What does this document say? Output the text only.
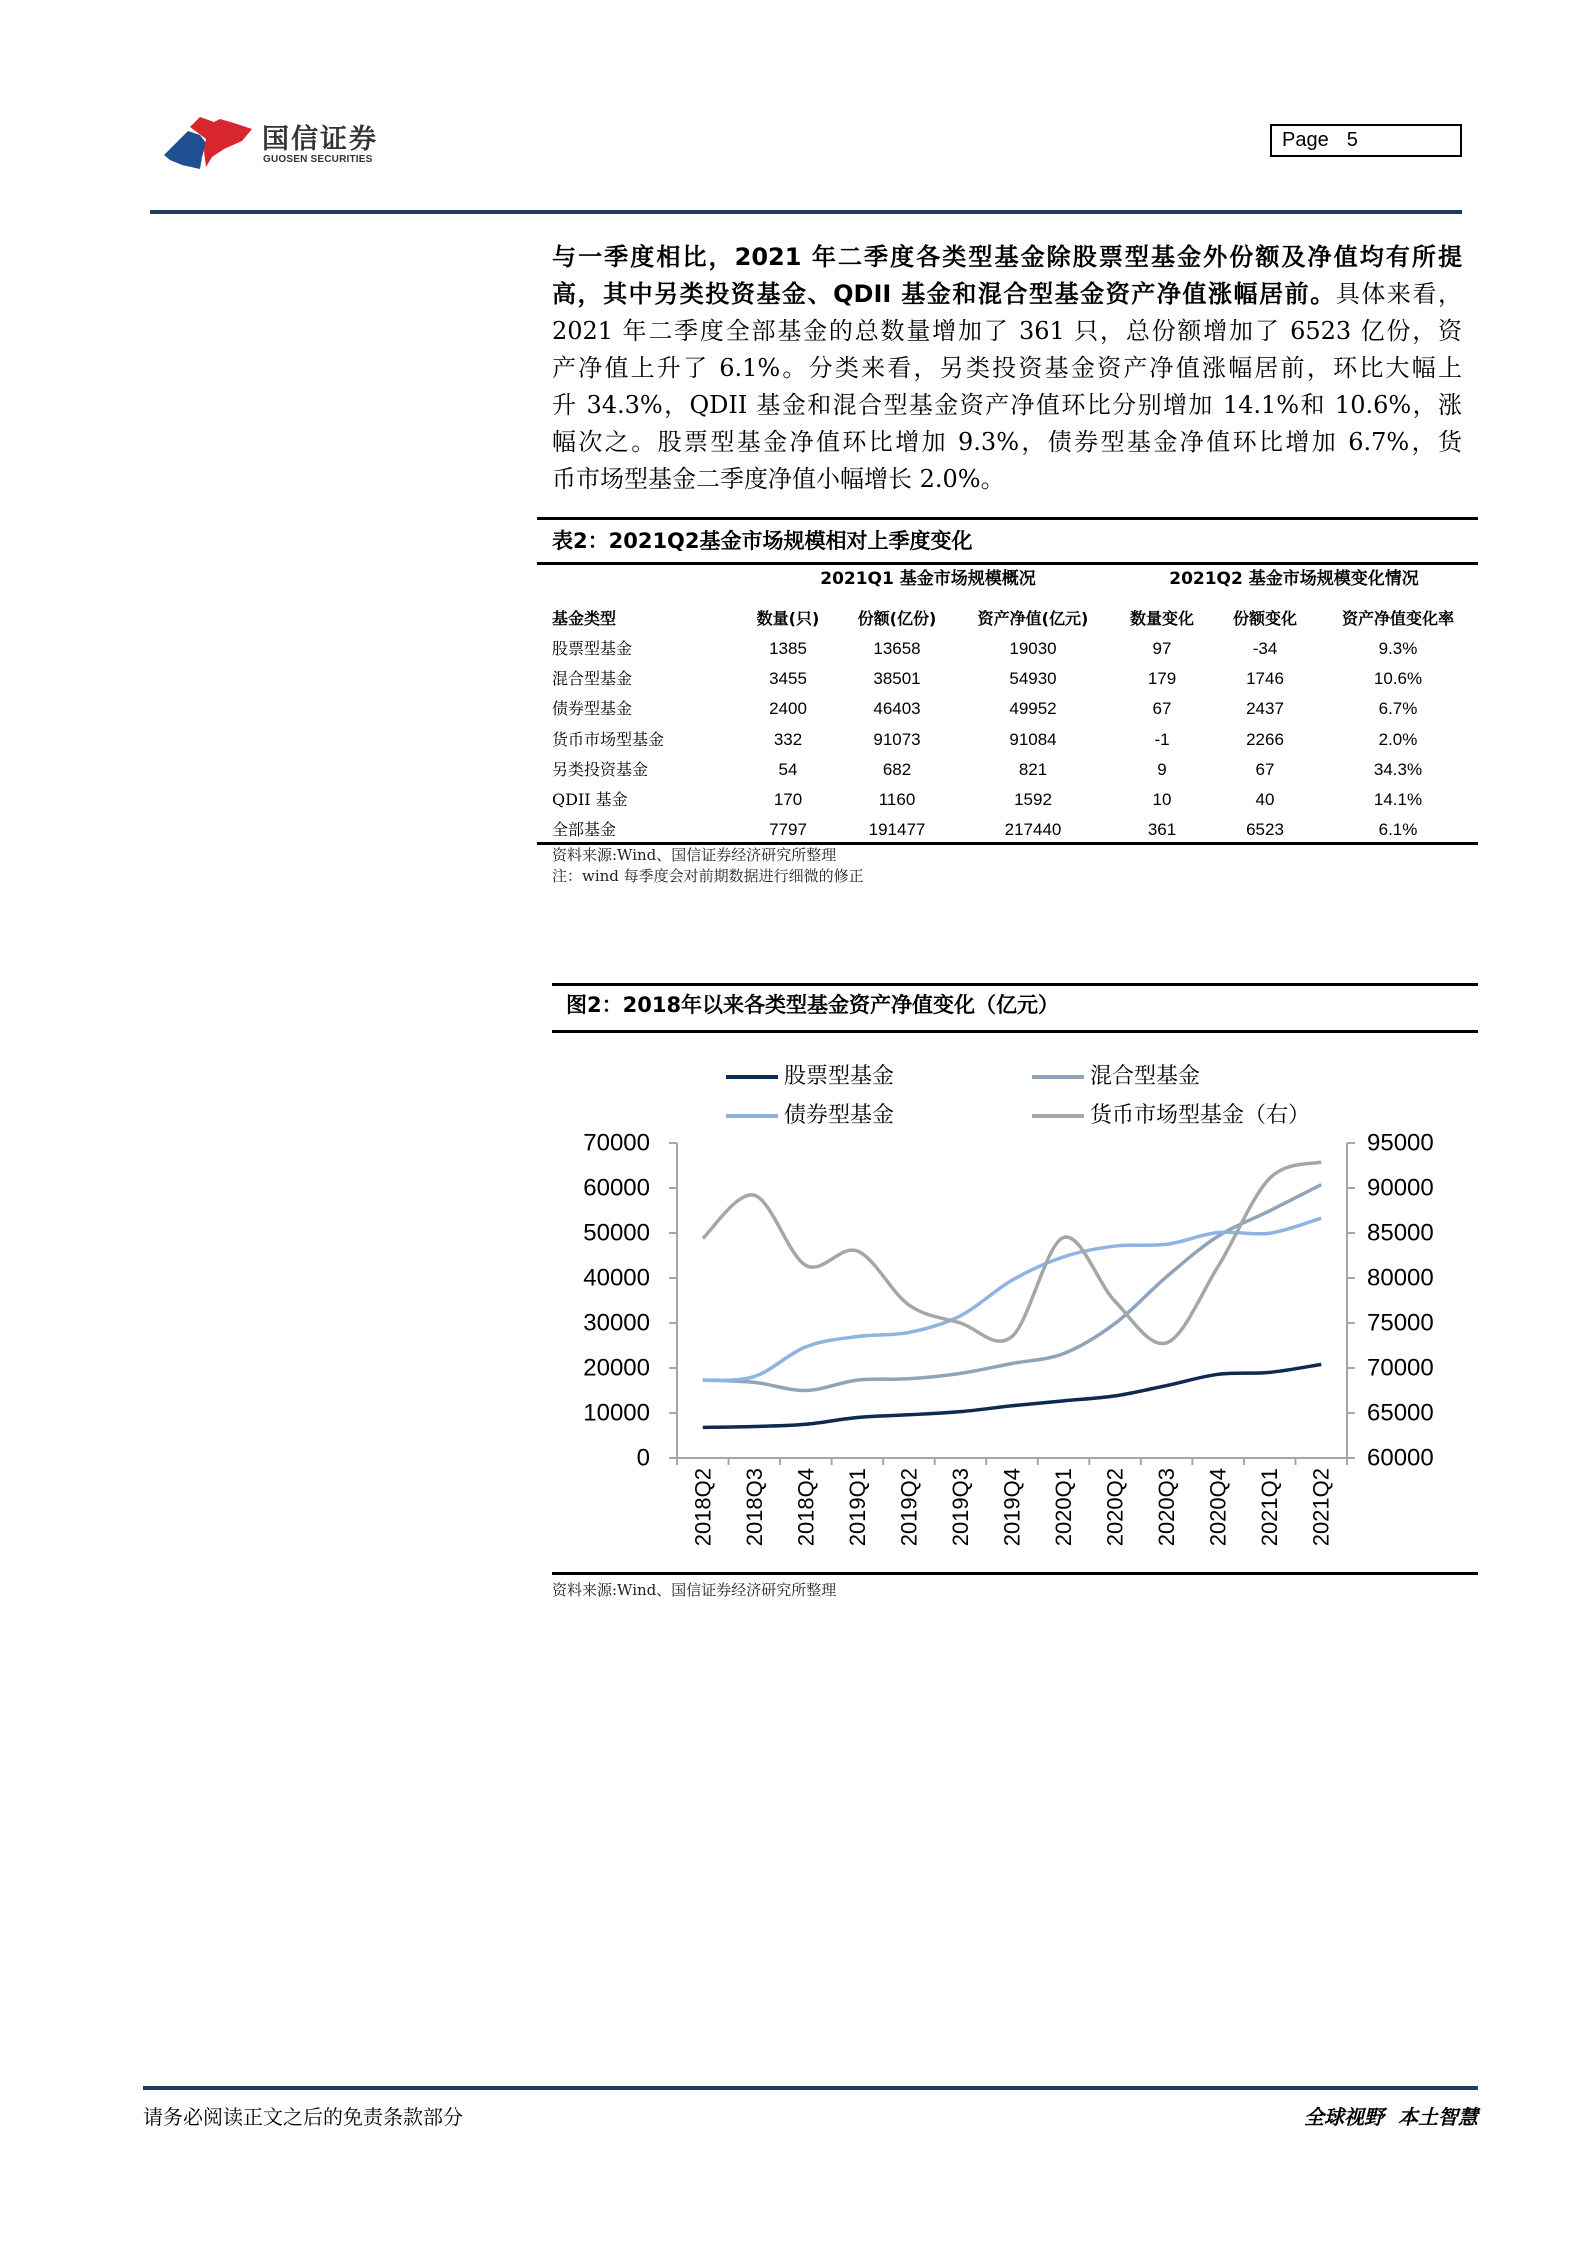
国信证券
GUOSEN SECURITIES
Page 5
与一季度相比，2021 年二季度各类型基金除股票型基金外份额及净值均有所提
高，其中另类投资基金、QDII 基金和混合型基金资产净值涨幅居前。具体来看，
2021 年二季度全部基金的总数量增加了 361 只，总份额增加了 6523 亿份，资
产净值上升了 6.1%。分类来看，另类投资基金资产净值涨幅居前，环比大幅上
升 34.3%，QDII 基金和混合型基金资产净值环比分别增加 14.1%和 10.6%，涨
幅次之。股票型基金净值环比增加 9.3%，债券型基金净值环比增加 6.7%，货
币市场型基金二季度净值小幅增长 2.0%。
表2：2021Q2基金市场规模相对上季度变化
2021Q1 基金市场规模概况	2021Q2 基金市场规模变化情况
基金类型	数量(只)	份额(亿份)	资产净值(亿元)	数量变化	份额变化	资产净值变化率
股票型基金	1385	13658	19030	97	-34	9.3%
混合型基金	3455	38501	54930	179	1746	10.6%
债券型基金	2400	46403	49952	67	2437	6.7%
货币市场型基金	332	91073	91084	-1	2266	2.0%
另类投资基金	54	682	821	9	67	34.3%
QDII 基金	170	1160	1592	10	40	14.1%
全部基金	7797	191477	217440	361	6523	6.1%
资料来源:Wind、国信证券经济研究所整理
注：wind 每季度会对前期数据进行细微的修正
图2：2018年以来各类型基金资产净值变化（亿元）
股票型基金	混合型基金
债券型基金	货币市场型基金（右）
0
10000
20000
30000
40000
50000
60000
70000
60000
65000
70000
75000
80000
85000
90000
95000
2018Q2 2018Q3 2018Q4 2019Q1 2019Q2 2019Q3 2019Q4 2020Q1 2020Q2 2020Q3 2020Q4 2021Q1 2021Q2
资料来源:Wind、国信证券经济研究所整理
请务必阅读正文之后的免责条款部分	全球视野  本土智慧
